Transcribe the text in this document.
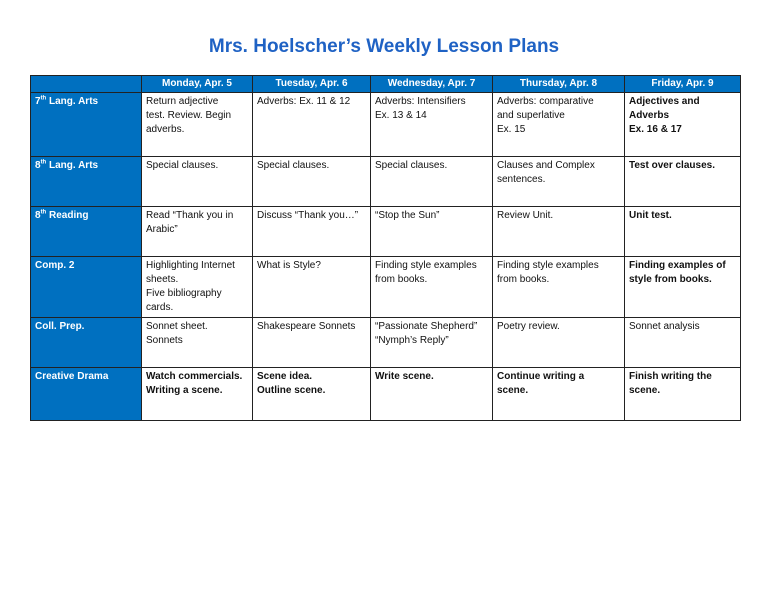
Mrs. Hoelscher’s Weekly Lesson Plans
	Monday, Apr. 5	Tuesday, Apr. 6	Wednesday, Apr. 7	Thursday, Apr. 8	Friday, Apr. 9
7th Lang. Arts	Return adjective
test. Review. Begin
adverbs.	Adverbs: Ex. 11 & 12	Adverbs: Intensifiers
Ex. 13 & 14	Adverbs: comparative
and superlative
Ex. 15	Adjectives and
Adverbs
Ex. 16 & 17

8th Lang. Arts	Special clauses.	Special clauses.	Special clauses.	Clauses and Complex
sentences.	Test over clauses.

8th Reading	Read “Thank you in
Arabic”	Discuss “Thank you…”	“Stop the Sun”	Review Unit.	Unit test.

Comp. 2	Highlighting Internet
sheets.
Five bibliography
cards.	What is Style?	Finding style examples
from books.	Finding style examples
from books.	Finding examples of
style from books.

Coll. Prep.	Sonnet sheet.
Sonnets	Shakespeare Sonnets	“Passionate Shepherd”
“Nymph’s Reply”	Poetry review.	Sonnet analysis

Creative Drama	Watch commercials.
Writing a scene.	Scene idea.
Outline scene.	Write scene.	Continue writing a
scene.	Finish writing the
scene.
